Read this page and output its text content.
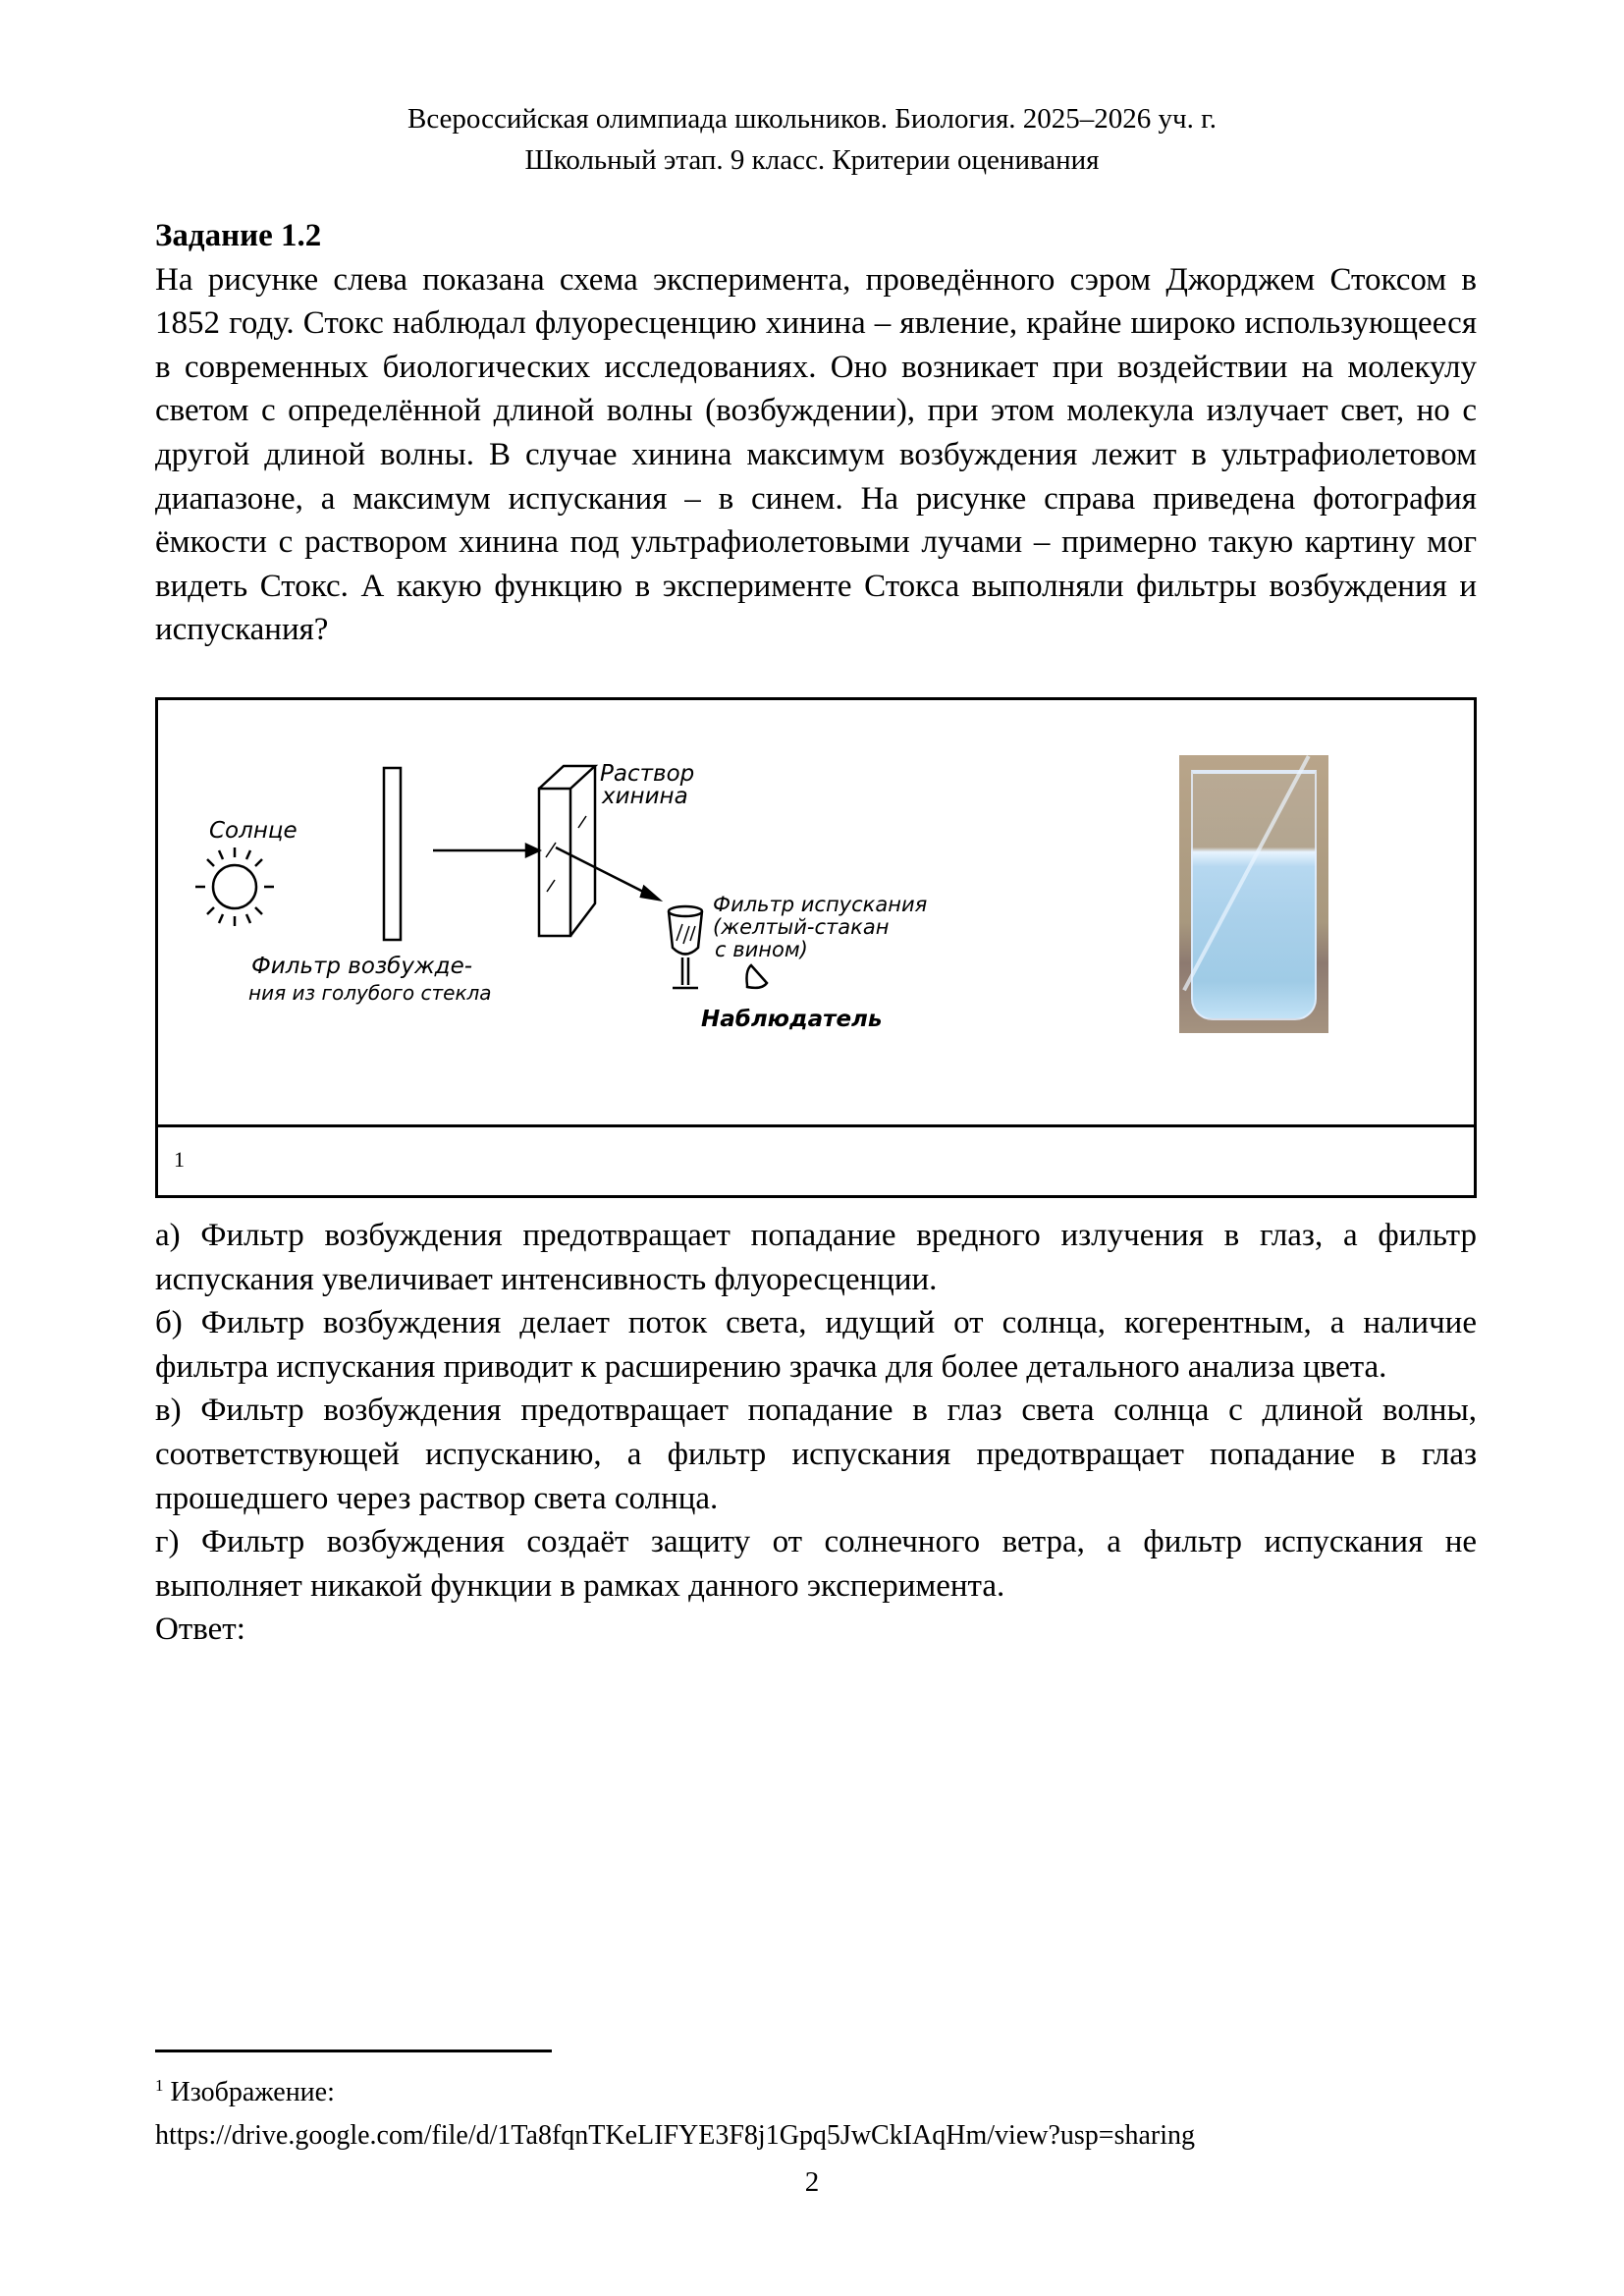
Всероссийская олимпиада школьников. Биология. 2025–2026 уч. г.
Школьный этап. 9 класс. Критерии оценивания
Задание 1.2

На рисунке слева показана схема эксперимента, проведённого сэром Джорджем Стоксом в 1852 году. Стокс наблюдал флуоресценцию хинина – явление, крайне широко использующееся в современных биологических исследованиях. Оно возникает при воздействии на молекулу светом с определённой длиной волны (возбуждении), при этом молекула излучает свет, но с другой длиной волны. В случае хинина максимум возбуждения лежит в ультрафиолетовом диапазоне, а максимум испускания – в синем. На рисунке справа приведена фотография ёмкости с раствором хинина под ультрафиолетовыми лучами – примерно такую картину мог видеть Стокс. А какую функцию в эксперименте Стокса выполняли фильтры возбуждения и испускания?

Солнце
Фильтр возбужде-
ния из голубого стекла
Раствор
хинина
Фильтр испускания
(желтый-стакан
с вином)
Наблюдатель
1

а) Фильтр возбуждения предотвращает попадание вредного излучения в глаз, а фильтр испускания увеличивает интенсивность флуоресценции.

б) Фильтр возбуждения делает поток света, идущий от солнца, когерентным, а наличие фильтра испускания приводит к расширению зрачка для более детального анализа цвета.

в) Фильтр возбуждения предотвращает попадание в глаз света солнца с длиной волны, соответствующей испусканию, а фильтр испускания предотвращает попадание в глаз прошедшего через раствор света солнца.

г) Фильтр возбуждения создаёт защиту от солнечного ветра, а фильтр испускания не выполняет никакой функции в рамках данного эксперимента.

Ответ:

$^1$ Изображение:
https://drive.google.com/file/d/1Ta8fqnTKeLIFYE3F8j1Gpq5JwCkIAqHm/view?usp=sharing
2
